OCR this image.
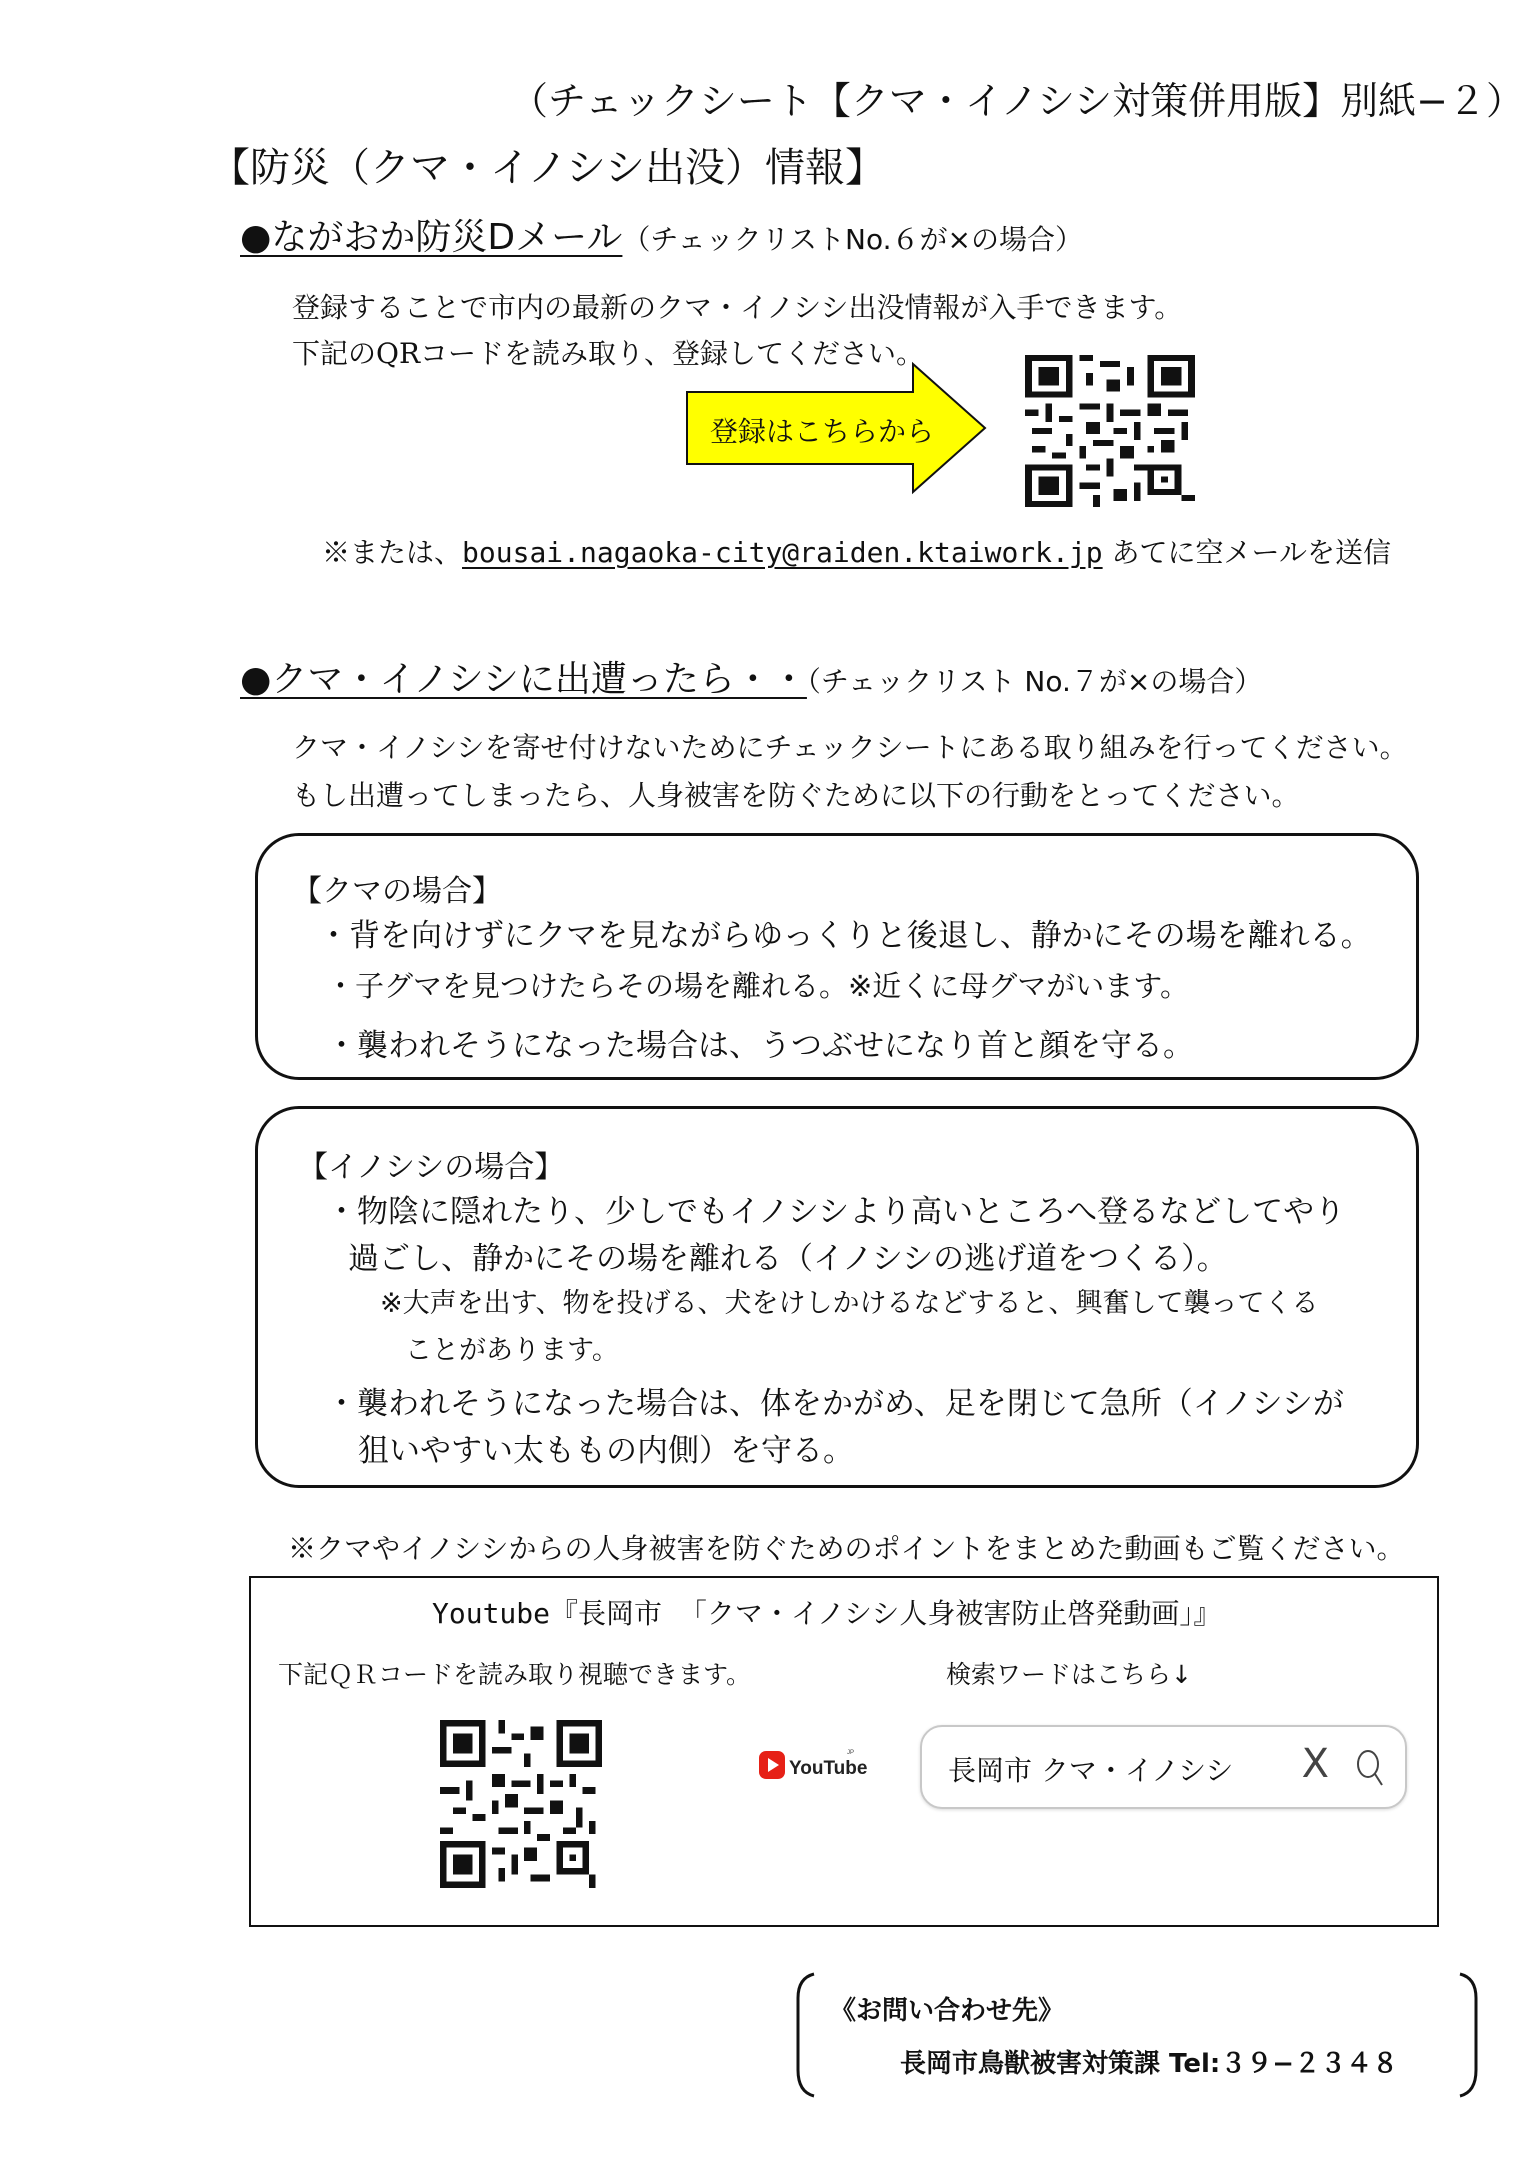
（チェックシート【クマ・イノシシ対策併用版】別紙−２）
【防災（クマ・イノシシ出没）情報】
●ながおか防災Dメール（チェックリストNo.６が×の場合）
登録することで市内の最新のクマ・イノシシ出没情報が入手できます。
下記のQRコードを読み取り、登録してください。
登録はこちらから
※または、bousai.nagaoka-city@raiden.ktaiwork.jp あてに空メールを送信
●クマ・イノシシに出遭ったら・・（チェックリスト No.７が×の場合）
クマ・イノシシを寄せ付けないためにチェックシートにある取り組みを行ってください。
もし出遭ってしまったら、人身被害を防ぐために以下の行動をとってください。
【クマの場合】
・背を向けずにクマを見ながらゆっくりと後退し、静かにその場を離れる。
・子グマを見つけたらその場を離れる。※近くに母グマがいます。
・襲われそうになった場合は、うつぶせになり首と顔を守る。
【イノシシの場合】
・物陰に隠れたり、少しでもイノシシより高いところへ登るなどしてやり
過ごし、静かにその場を離れる（イノシシの逃げ道をつくる）。
※大声を出す、物を投げる、犬をけしかけるなどすると、興奮して襲ってくる
ことがあります。
・襲われそうになった場合は、体をかがめ、足を閉じて急所（イノシシが
狙いやすい太ももの内側）を守る。
※クマやイノシシからの人身被害を防ぐためのポイントをまとめた動画もご覧ください。
Youtube『長岡市 「クマ・イノシシ人身被害防止啓発動画」』
下記ＱＲコードを読み取り視聴できます。	検索ワードはこちら↓
YouTube
JP
長岡市 クマ・イノシシ X
《お問い合わせ先》
長岡市鳥獣被害対策課 Tel:３９−２３４８
